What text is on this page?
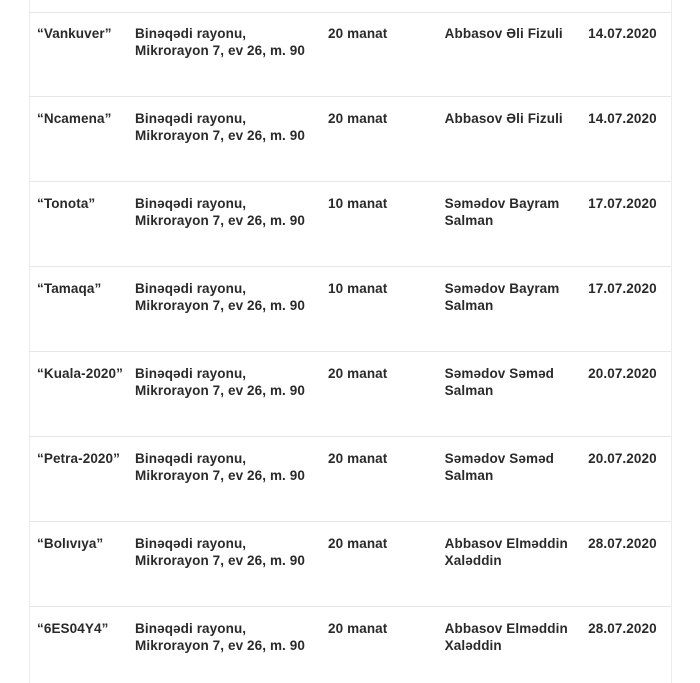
“Vankuver”	Binəqədi rayonu, Mikrorayon 7, ev 26, m. 90	20 manat	Abbasov Əli Fizuli	14.07.2020
“Ncamena”	Binəqədi rayonu, Mikrorayon 7, ev 26, m. 90	20 manat	Abbasov Əli Fizuli	14.07.2020
“Tonota”	Binəqədi rayonu, Mikrorayon 7, ev 26, m. 90	10 manat	Səmədov Bayram Salman	17.07.2020
“Tamaqa”	Binəqədi rayonu, Mikrorayon 7, ev 26, m. 90	10 manat	Səmədov Bayram Salman	17.07.2020
“Kuala-2020”	Binəqədi rayonu, Mikrorayon 7, ev 26, m. 90	20 manat	Səmədov Səməd Salman	20.07.2020
“Petra-2020”	Binəqədi rayonu, Mikrorayon 7, ev 26, m. 90	20 manat	Səmədov Səməd Salman	20.07.2020
“Bolıvıya”	Binəqədi rayonu, Mikrorayon 7, ev 26, m. 90	20 manat	Abbasov Elməddin Xaləddin	28.07.2020
“6ES04Y4”	Binəqədi rayonu, Mikrorayon 7, ev 26, m. 90	20 manat	Abbasov Elməddin Xaləddin	28.07.2020
